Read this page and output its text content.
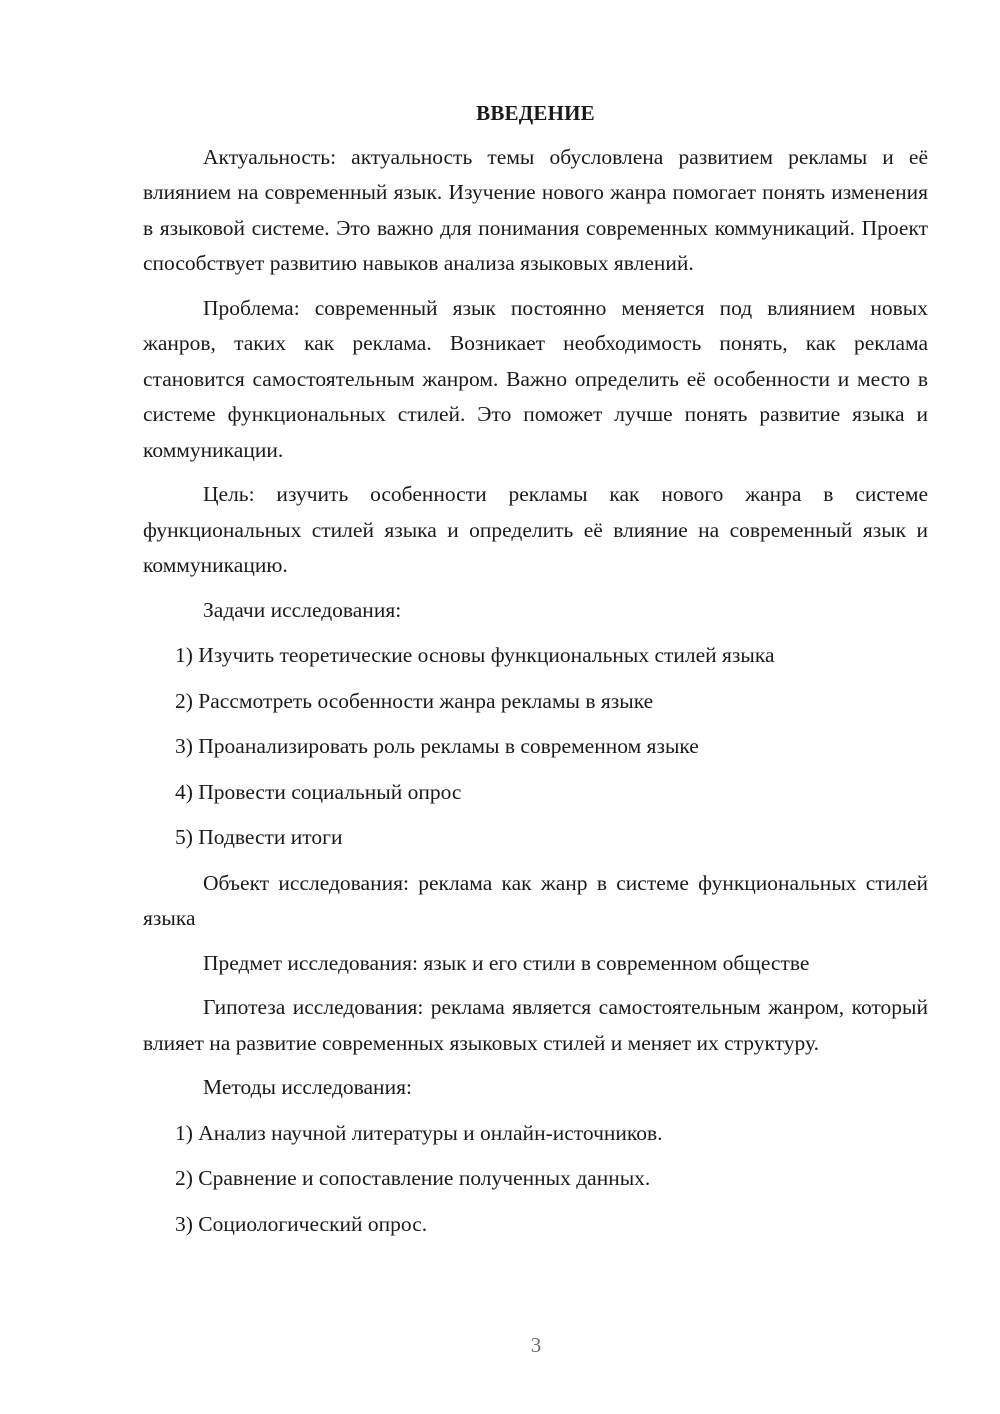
ВВЕДЕНИЕ

Актуальность: актуальность темы обусловлена развитием рекламы и её влиянием на современный язык. Изучение нового жанра помогает понять изменения в языковой системе. Это важно для понимания современных коммуникаций. Проект способствует развитию навыков анализа языковых явлений.

Проблема: современный язык постоянно меняется под влиянием новых жанров, таких как реклама. Возникает необходимость понять, как реклама становится самостоятельным жанром. Важно определить её особенности и место в системе функциональных стилей. Это поможет лучше понять развитие языка и коммуникации.

Цель: изучить особенности рекламы как нового жанра в системе функциональных стилей языка и определить её влияние на современный язык и коммуникацию.

Задачи исследования:

1) Изучить теоретические основы функциональных стилей языка
2) Рассмотреть особенности жанра рекламы в языке
3) Проанализировать роль рекламы в современном языке
4) Провести социальный опрос
5) Подвести итоги

Объект исследования: реклама как жанр в системе функциональных стилей языка

Предмет исследования: язык и его стили в современном обществе

Гипотеза исследования: реклама является самостоятельным жанром, который влияет на развитие современных языковых стилей и меняет их структуру.

Методы исследования:

1) Анализ научной литературы и онлайн-источников.
2) Сравнение и сопоставление полученных данных.
3) Социологический опрос.
3
